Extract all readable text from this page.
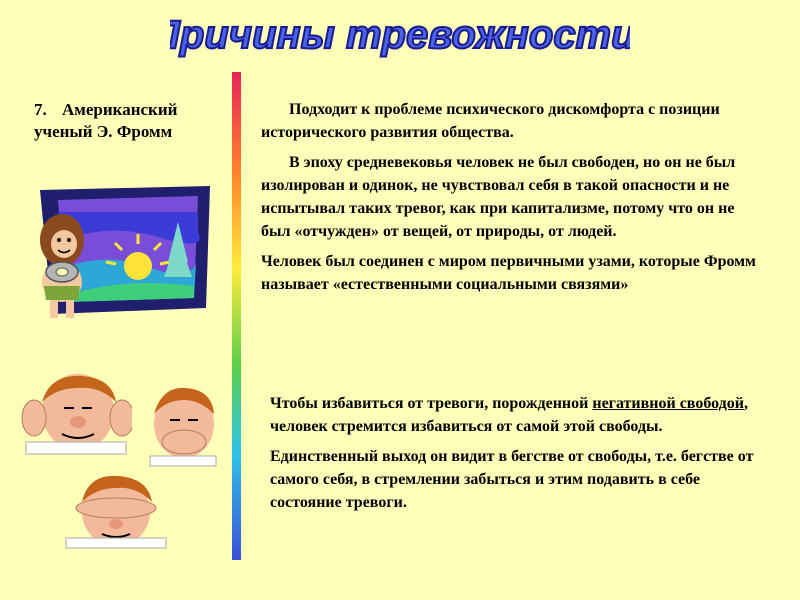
Причины тревожности:
7. Американский ученый Э. Фромм

Подходит к проблеме психического дискомфорта с позиции исторического развития общества.

В эпоху средневековья человек не был свободен, но он не был изолирован и одинок, не чувствовал себя в такой опасности и не испытывал таких тревог, как при капитализме, потому что он не был «отчужден» от вещей, от природы, от людей.

Человек был соединен с миром первичными узами, которые Фромм называет «естественными социальными связями»

Чтобы избавиться от тревоги, порожденной негативной свободой, человек стремится избавиться от самой этой свободы.

Единственный выход он видит в бегстве от свободы, т.е. бегстве от самого себя, в стремлении забыться и этим подавить в себе состояние тревоги.
